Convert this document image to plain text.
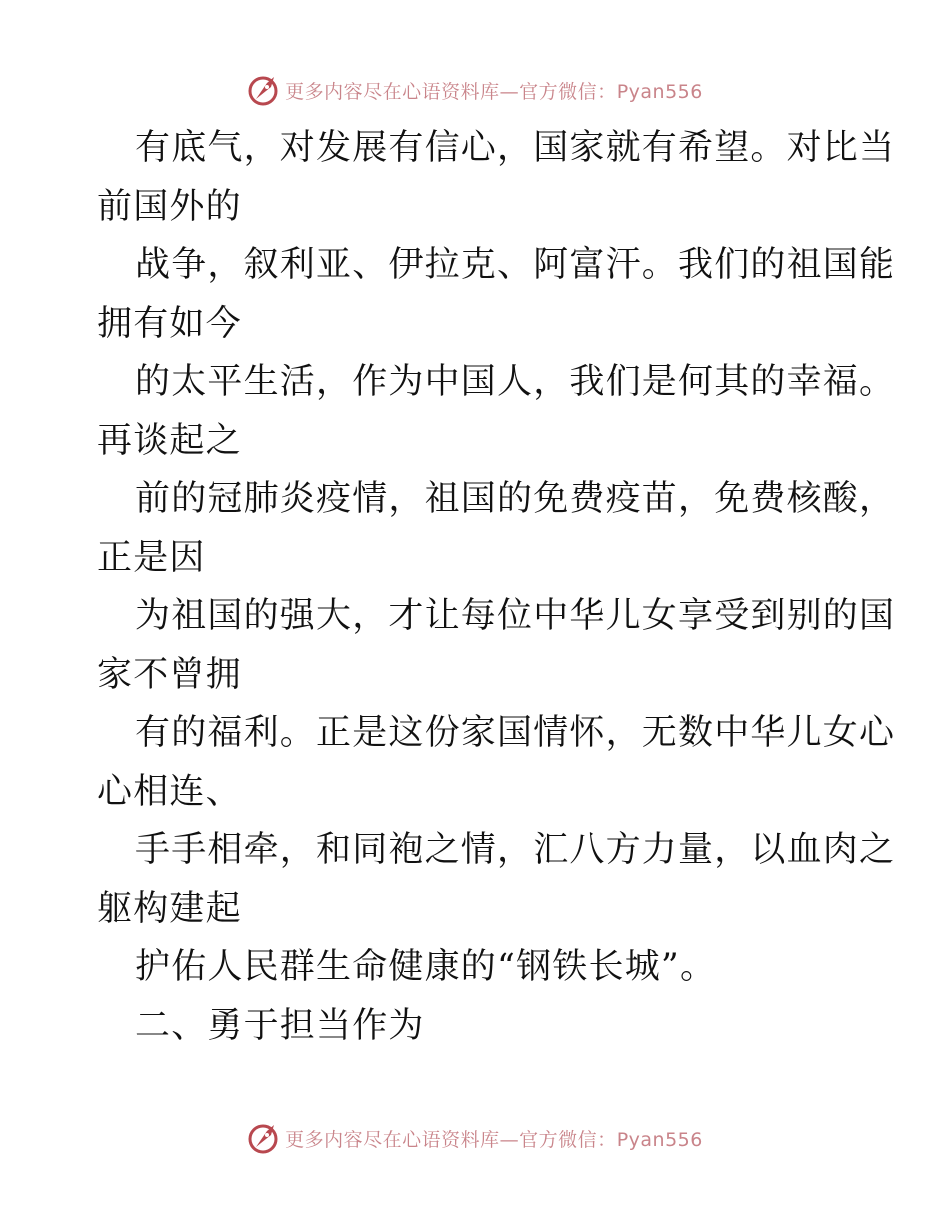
更多内容尽在心语资料库—官方微信：Pyan556
有底气，对发展有信心，国家就有希望。对比当
前国外的
战争，叙利亚、伊拉克、阿富汗。我们的祖国能
拥有如今
的太平生活，作为中国人，我们是何其的幸福。
再谈起之
前的冠肺炎疫情，祖国的免费疫苗，免费核酸，
正是因
为祖国的强大，才让每位中华儿女享受到别的国
家不曾拥
有的福利。正是这份家国情怀，无数中华儿女心
心相连、
手手相牵，和同袍之情，汇八方力量，以血肉之
躯构建起
护佑人民群生命健康的“钢铁长城”。
二、勇于担当作为
更多内容尽在心语资料库—官方微信：Pyan556
